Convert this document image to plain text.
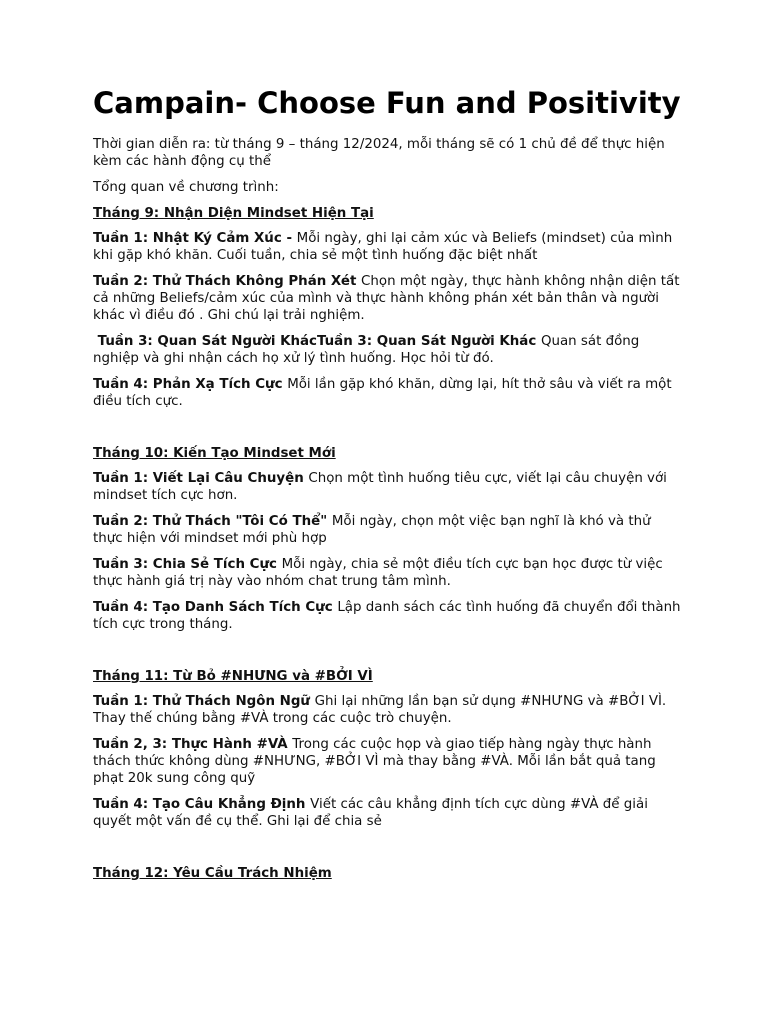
Campain- Choose Fun and Positivity

Thời gian diễn ra: từ tháng 9 – tháng 12/2024, mỗi tháng sẽ có 1 chủ đề để thực hiện kèm các hành động cụ thể

Tổng quan về chương trình:

Tháng 9: Nhận Diện Mindset Hiện Tại

Tuần 1: Nhật Ký Cảm Xúc - Mỗi ngày, ghi lại cảm xúc và Beliefs (mindset) của mình khi gặp khó khăn. Cuối tuần, chia sẻ một tình huống đặc biệt nhất

Tuần 2: Thử Thách Không Phán Xét Chọn một ngày, thực hành không nhận diện tất cả những Beliefs/cảm xúc của mình và thực hành không phán xét bản thân và người khác vì điều đó . Ghi chú lại trải nghiệm.

Tuần 3: Quan Sát Người KhácTuần 3: Quan Sát Người Khác Quan sát đồng nghiệp và ghi nhận cách họ xử lý tình huống. Học hỏi từ đó.

Tuần 4: Phản Xạ Tích Cực Mỗi lần gặp khó khăn, dừng lại, hít thở sâu và viết ra một điều tích cực.

Tháng 10: Kiến Tạo Mindset Mới

Tuần 1: Viết Lại Câu Chuyện Chọn một tình huống tiêu cực, viết lại câu chuyện với mindset tích cực hơn.

Tuần 2: Thử Thách "Tôi Có Thể" Mỗi ngày, chọn một việc bạn nghĩ là khó và thử thực hiện với mindset mới phù hợp

Tuần 3: Chia Sẻ Tích Cực Mỗi ngày, chia sẻ một điều tích cực bạn học được từ việc thực hành giá trị này vào nhóm chat trung tâm mình.

Tuần 4: Tạo Danh Sách Tích Cực Lập danh sách các tình huống đã chuyển đổi thành tích cực trong tháng.

Tháng 11: Từ Bỏ #NHƯNG và #BỞI VÌ

Tuần 1: Thử Thách Ngôn Ngữ Ghi lại những lần bạn sử dụng #NHƯNG và #BỞI VÌ. Thay thế chúng bằng #VÀ trong các cuộc trò chuyện.

Tuần 2, 3: Thực Hành #VÀ Trong các cuộc họp và giao tiếp hàng ngày thực hành thách thức không dùng #NHƯNG, #BỞI VÌ mà thay bằng #VÀ. Mỗi lần bắt quả tang phạt 20k sung công quỹ

Tuần 4: Tạo Câu Khẳng Định Viết các câu khẳng định tích cực dùng #VÀ để giải quyết một vấn đề cụ thể. Ghi lại để chia sẻ

Tháng 12: Yêu Cầu Trách Nhiệm
